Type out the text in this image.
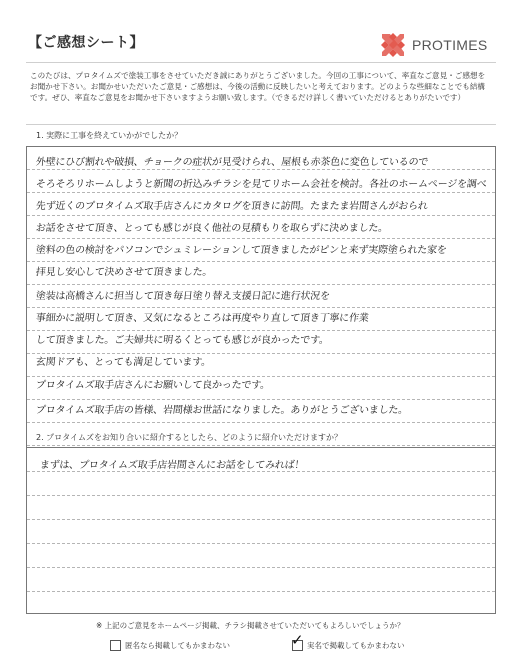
【ご感想シート】	PROTIMES

このたびは、プロタイムズで塗装工事をさせていただき誠にありがとうございました。今回の工事について、率直なご意見・ご感想をお聞かせ下さい。お聞かせいただいたご意見・ご感想は、今後の活動に反映したいと考えております。どのような些細なことでも結構です。ぜひ、率直なご意見をお聞かせ下さいますようお願い致します。（できるだけ詳しく書いていただけるとありがたいです）

1. 実際に工事を終えていかがでしたか？
外壁にひび割れや破損、チョークの症状が見受けられ、屋根も赤茶色に変色しているので
そろそろリホームしようと新聞の折込みチラシを見てリホーム会社を検討。各社のホームページを調べ
先ず近くのプロタイムズ取手店さんにカタログを頂きに訪問。たまたま岩間さんがおられ
お話をさせて頂き、とっても感じが良く他社の見積もりを取らずに決めました。
塗料の色の検討をパソコンでシュミレーションして頂きましたがピンと来ず実際塗られた家を
拝見し安心して決めさせて頂きました。
塗装は高橋さんに担当して頂き毎日塗り替え支援日記に進行状況を
事細かに説明して頂き、又気になるところは再度やり直して頂き丁寧に作業
して頂きました。ご夫婦共に明るくとっても感じが良かったです。
玄関ドアも、とっても満足しています。
プロタイムズ取手店さんにお願いして良かったです。
プロタイムズ取手店の皆様、岩間様お世話になりました。ありがとうございました。
2. プロタイムズをお知り合いに紹介するとしたら、どのように紹介いただけますか？
まずは、プロタイムズ取手店岩間さんにお話をしてみれば！
※ 上記のご意見をホームページ掲載、チラシ掲載させていただいてもよろしいでしょうか？
匿名なら掲載してもかまわない	✓ 実名で掲載してもかまわない
